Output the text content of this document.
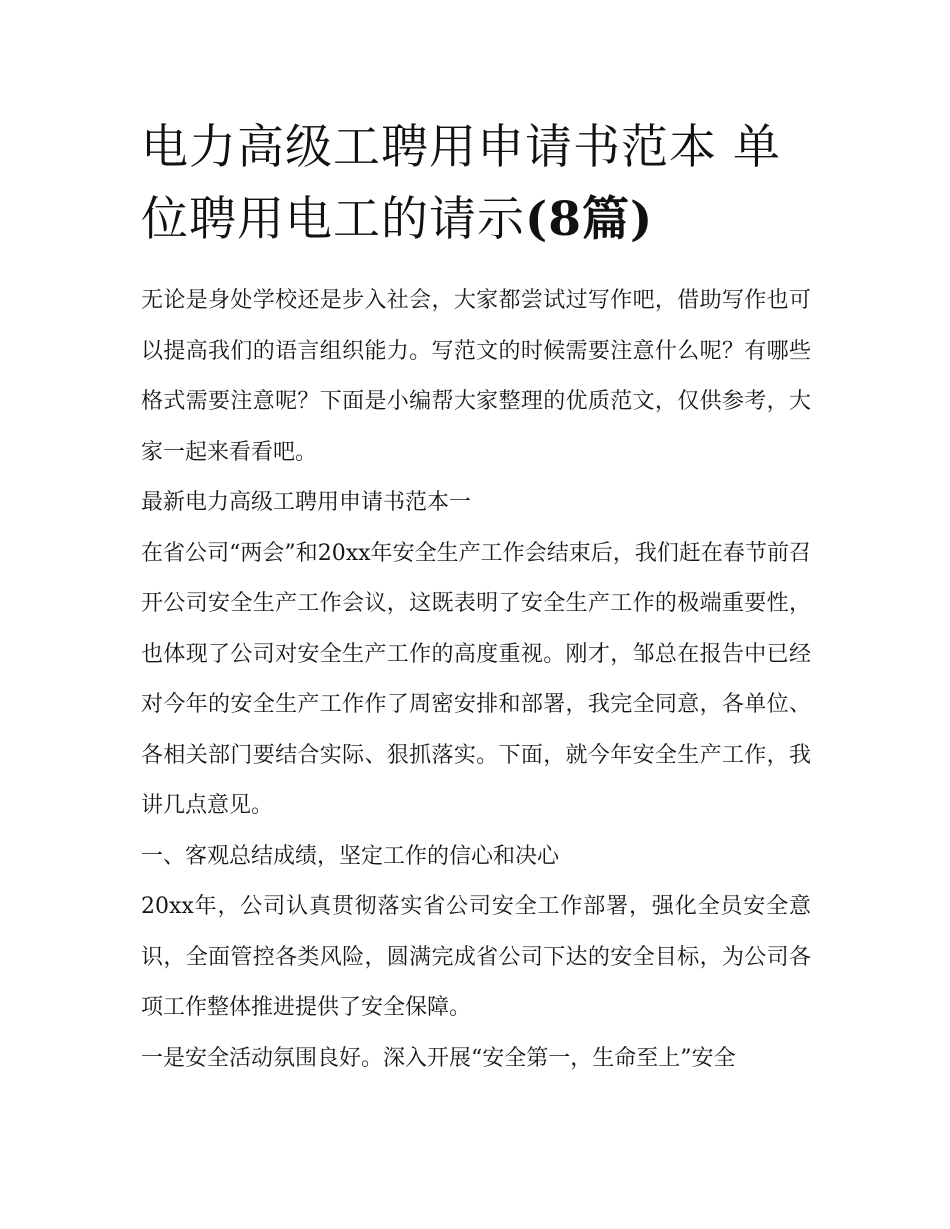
电力高级工聘用申请书范本 单位聘用电工的请示(8篇)

无论是身处学校还是步入社会，大家都尝试过写作吧，借助写作也可以提高我们的语言组织能力。写范文的时候需要注意什么呢？有哪些格式需要注意呢？下面是小编帮大家整理的优质范文，仅供参考，大家一起来看看吧。

最新电力高级工聘用申请书范本一

在省公司“两会”和20xx年安全生产工作会结束后，我们赶在春节前召开公司安全生产工作会议，这既表明了安全生产工作的极端重要性，也体现了公司对安全生产工作的高度重视。刚才，邹总在报告中已经对今年的安全生产工作作了周密安排和部署，我完全同意，各单位、各相关部门要结合实际、狠抓落实。下面，就今年安全生产工作，我讲几点意见。

一、客观总结成绩，坚定工作的信心和决心

20xx年，公司认真贯彻落实省公司安全工作部署，强化全员安全意识，全面管控各类风险，圆满完成省公司下达的安全目标，为公司各项工作整体推进提供了安全保障。

一是安全活动氛围良好。深入开展“安全第一，生命至上”安全
